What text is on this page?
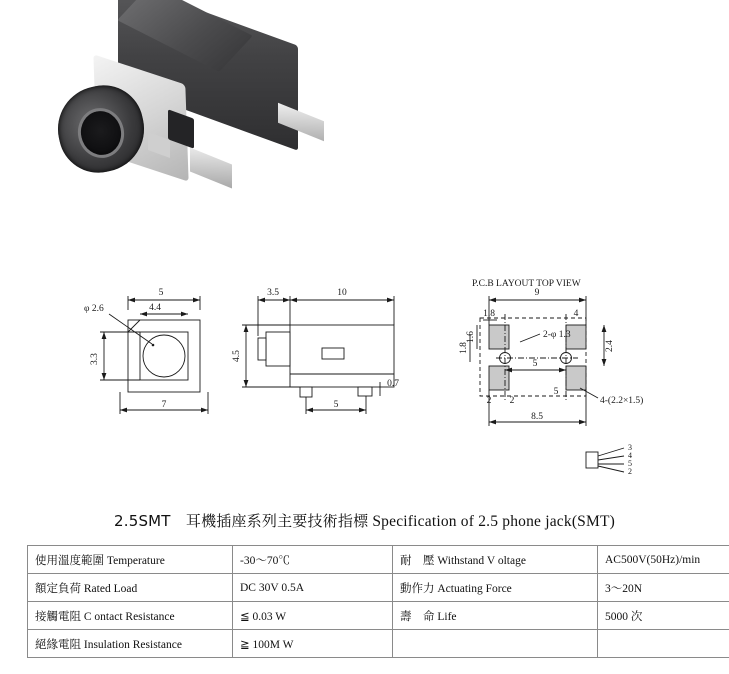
5
4.4
φ 2.6
3.3
7
3.5	10
4.5
0.7
5
P.C.B LAYOUT TOP VIEW
9
1.8
1.6
1.8
4
2.4
2-φ 1.3
2
5
5
2	4-(2.2×1.5)
8.5
3
4
5
2
2.5SMT　耳機插座系列主要技術指標 Specification of 2.5 phone jack(SMT)
使用溫度範圍 Temperature	-30～70℃	耐　壓 Withstand V oltage	AC500V(50Hz)/min
額定負荷 Rated Load	DC 30V 0.5A	動作力 Actuating Force	3～20N
接觸電阻 C ontact Resistance	≦ 0.03 W	壽　命 Life	5000 次
絕緣電阻 Insulation Resistance	≧ 100M W		
